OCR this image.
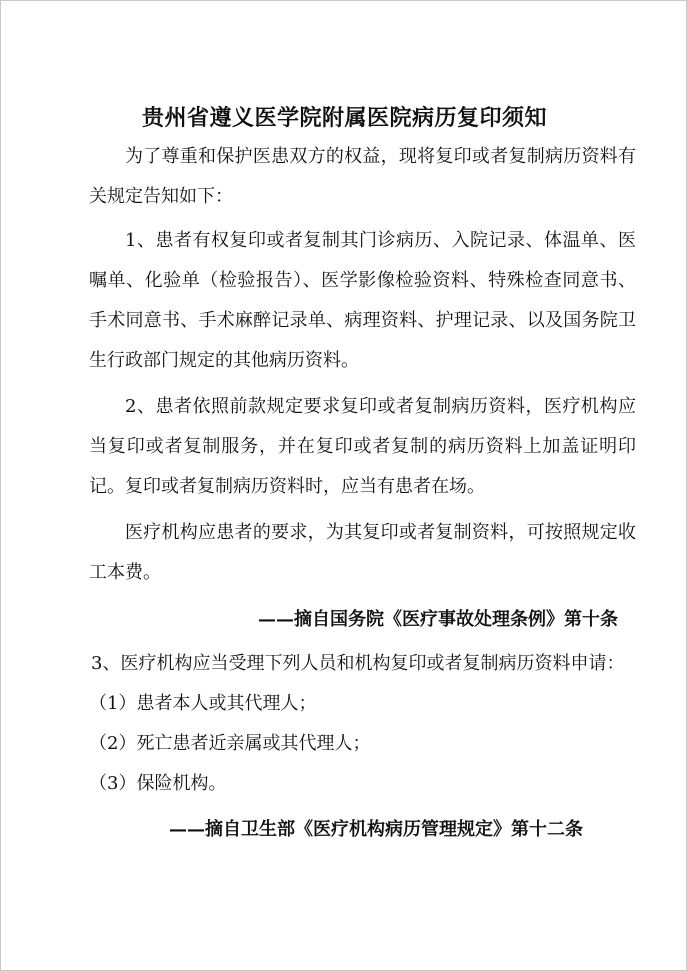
贵州省遵义医学院附属医院病历复印须知

为了尊重和保护医患双方的权益，现将复印或者复制病历资料有关规定告知如下：

1、患者有权复印或者复制其门诊病历、入院记录、体温单、医嘱单、化验单（检验报告）、医学影像检验资料、特殊检查同意书、手术同意书、手术麻醉记录单、病理资料、护理记录、以及国务院卫生行政部门规定的其他病历资料。

2、患者依照前款规定要求复印或者复制病历资料，医疗机构应当复印或者复制服务，并在复印或者复制的病历资料上加盖证明印记。复印或者复制病历资料时，应当有患者在场。

医疗机构应患者的要求，为其复印或者复制资料，可按照规定收工本费。

——摘自国务院《医疗事故处理条例》第十条

3、医疗机构应当受理下列人员和机构复印或者复制病历资料申请：

（1）患者本人或其代理人；

（2）死亡患者近亲属或其代理人；

（3）保险机构。

——摘自卫生部《医疗机构病历管理规定》第十二条
